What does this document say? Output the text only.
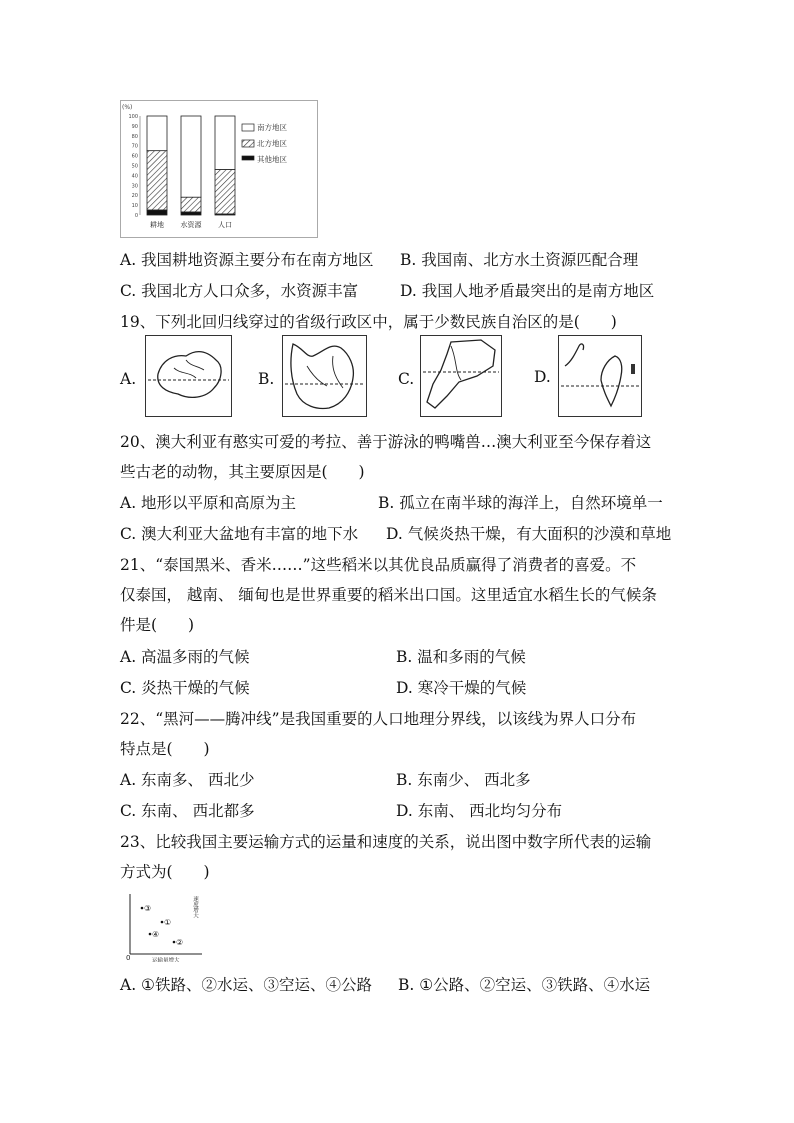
(%)
100
90
80
70
60
50
40
30
20
10
0
耕地 水资源 人口
南方地区
北方地区
其他地区
A. 我国耕地资源主要分布在南方地区 B. 我国南、北方水土资源匹配合理
C. 我国北方人口众多，水资源丰富	D. 我国人地矛盾最突出的是南方地区
19、下列北回归线穿过的省级行政区中，属于少数民族自治区的是(　　)
A.	B.	C.	D.
20、澳大利亚有憨实可爱的考拉、善于游泳的鸭嘴兽…澳大利亚至今保存着这
些古老的动物，其主要原因是(　　)
A. 地形以平原和高原为主	B. 孤立在南半球的海洋上，自然环境单一
C. 澳大利亚大盆地有丰富的地下水 D. 气候炎热干燥，有大面积的沙漠和草地
21、“泰国黑米、香米……”这些稻米以其优良品质赢得了消费者的喜爱。不
仅泰国， 越南、 缅甸也是世界重要的稻米出口国。这里适宜水稻生长的气候条
件是(　　)
A. 高温多雨的气候	B. 温和多雨的气候
C. 炎热干燥的气候	D. 寒冷干燥的气候
22、“黑河——腾冲线”是我国重要的人口地理分界线，以该线为界人口分布
特点是(　　)
A. 东南多、 西北少	B. 东南少、 西北多
C. 东南、 西北都多	D. 东南、 西北均匀分布
23、比较我国主要运输方式的运量和速度的关系，说出图中数字所代表的运输
方式为(　　)
0
速度增大
运输量增大
③
①
④
②
A. ①铁路、②水运、③空运、④公路 B. ①公路、②空运、③铁路、④水运
